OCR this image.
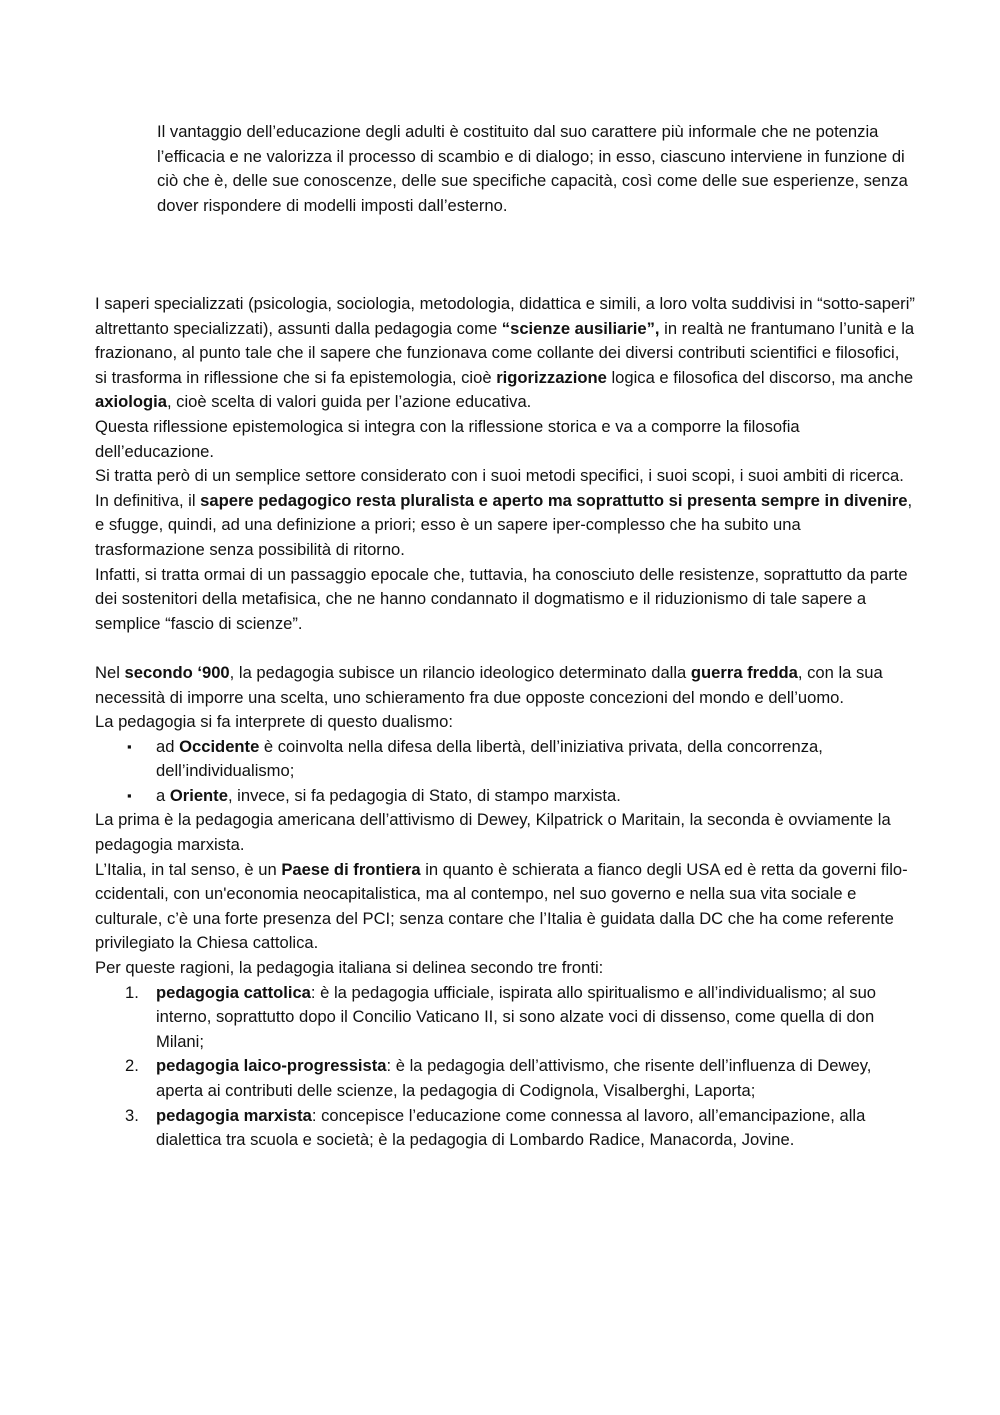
Il vantaggio dell’educazione degli adulti è costituito dal suo carattere più informale che ne potenzia l’efficacia e ne valorizza il processo di scambio e di dialogo; in esso, ciascuno interviene in funzione di ciò che è, delle sue conoscenze, delle sue specifiche capacità, così come delle sue esperienze, senza dover rispondere di modelli imposti dall’esterno.

I saperi specializzati (psicologia, sociologia, metodologia, didattica e simili, a loro volta suddivisi in “sotto-saperi” altrettanto specializzati), assunti dalla pedagogia come “scienze ausiliarie”, in realtà ne frantumano l’unità e la frazionano, al punto tale che il sapere che funzionava come collante dei diversi contributi scientifici e filosofici, si trasforma in riflessione che si fa epistemologia, cioè rigorizzazione logica e filosofica del discorso, ma anche axiologia, cioè scelta di valori guida per l’azione educativa.

Questa riflessione epistemologica si integra con la riflessione storica e va a comporre la filosofia dell’educazione.

Si tratta però di un semplice settore considerato con i suoi metodi specifici, i suoi scopi, i suoi ambiti di ricerca.

In definitiva, il sapere pedagogico resta pluralista e aperto ma soprattutto si presenta sempre in divenire, e sfugge, quindi, ad una definizione a priori; esso è un sapere iper-complesso che ha subito una trasformazione senza possibilità di ritorno.

Infatti, si tratta ormai di un passaggio epocale che, tuttavia, ha conosciuto delle resistenze, soprattutto da parte dei sostenitori della metafisica, che ne hanno condannato il dogmatismo e il riduzionismo di tale sapere a semplice “fascio di scienze”.

Nel secondo ‘900, la pedagogia subisce un rilancio ideologico determinato dalla guerra fredda, con la sua necessità di imporre una scelta, uno schieramento fra due opposte concezioni del mondo e dell’uomo.

La pedagogia si fa interprete di questo dualismo:

▪ ad Occidente è coinvolta nella difesa della libertà, dell’iniziativa privata, della concorrenza, dell’individualismo;
▪ a Oriente, invece, si fa pedagogia di Stato, di stampo marxista.

La prima è la pedagogia americana dell’attivismo di Dewey, Kilpatrick o Maritain, la seconda è ovviamente la pedagogia marxista.

L’Italia, in tal senso, è un Paese di frontiera in quanto è schierata a fianco degli USA ed è retta da governi filo-ccidentali, con un'economia neocapitalistica, ma al contempo, nel suo governo e nella sua vita sociale e culturale, c’è una forte presenza del PCI; senza contare che l’Italia è guidata dalla DC che ha come referente privilegiato la Chiesa cattolica.

Per queste ragioni, la pedagogia italiana si delinea secondo tre fronti:

1. pedagogia cattolica: è la pedagogia ufficiale, ispirata allo spiritualismo e all’individualismo; al suo interno, soprattutto dopo il Concilio Vaticano II, si sono alzate voci di dissenso, come quella di don Milani;
2. pedagogia laico-progressista: è la pedagogia dell’attivismo, che risente dell’influenza di Dewey, aperta ai contributi delle scienze, la pedagogia di Codignola, Visalberghi, Laporta;
3. pedagogia marxista: concepisce l’educazione come connessa al lavoro, all’emancipazione, alla dialettica tra scuola e società; è la pedagogia di Lombardo Radice, Manacorda, Jovine.
